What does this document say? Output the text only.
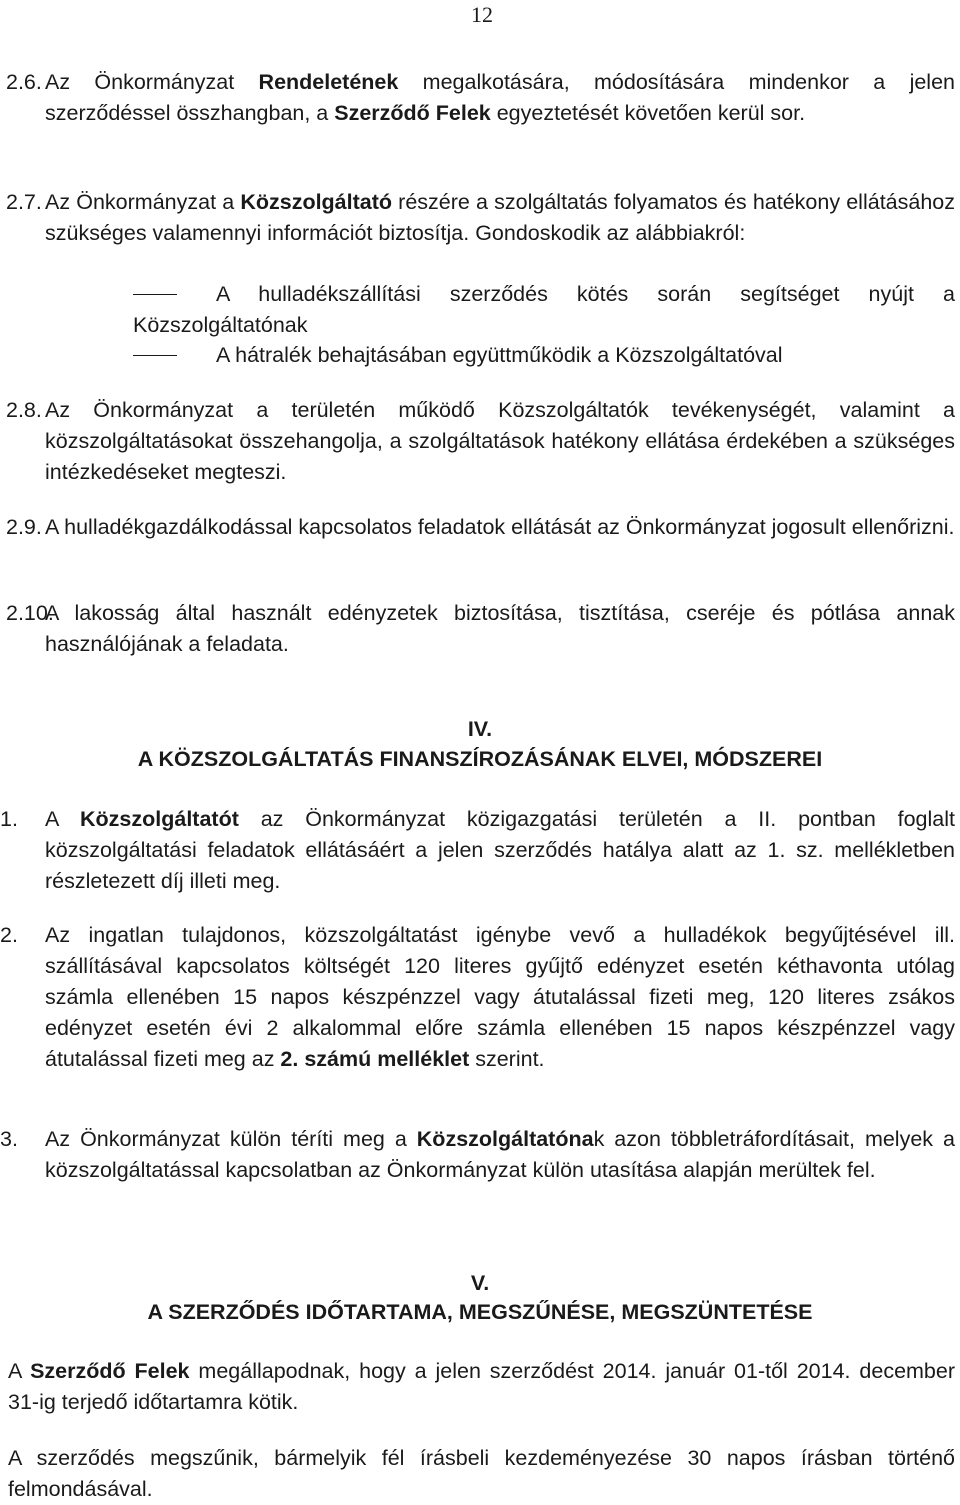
12
2.6. Az Önkormányzat Rendeletének megalkotására, módosítására mindenkor a jelen szerződéssel összhangban, a Szerződő Felek egyeztetését követően kerül sor.
2.7. Az Önkormányzat a Közszolgáltató részére a szolgáltatás folyamatos és hatékony ellátásához szükséges valamennyi információt biztosítja. Gondoskodik az alábbiakról:
A hulladékszállítási szerződés kötés során segítséget nyújt a
Közszolgáltatónak
A hátralék behajtásában együttműködik a Közszolgáltatóval
2.8. Az Önkormányzat a területén működő Közszolgáltatók tevékenységét, valamint a közszolgáltatásokat összehangolja, a szolgáltatások hatékony ellátása érdekében a szükséges intézkedéseket megteszi.
2.9. A hulladékgazdálkodással kapcsolatos feladatok ellátását az Önkormányzat jogosult ellenőrizni.
2.10.
A lakosság által használt edényzetek biztosítása, tisztítása, cseréje és pótlása annak használójának a feladata.
IV.
A KÖZSZOLGÁLTATÁS FINANSZÍROZÁSÁNAK ELVEI, MÓDSZEREI
1. A Közszolgáltatót az Önkormányzat közigazgatási területén a II. pontban foglalt közszolgáltatási feladatok ellátásáért a jelen szerződés hatálya alatt az 1. sz. mellékletben részletezett díj illeti meg.
2. Az ingatlan tulajdonos, közszolgáltatást igénybe vevő a hulladékok begyűjtésével ill. szállításával kapcsolatos költségét 120 literes gyűjtő edényzet esetén kéthavonta utólag számla ellenében 15 napos készpénzzel vagy átutalással fizeti meg, 120 literes zsákos edényzet esetén évi 2 alkalommal előre számla ellenében 15 napos készpénzzel vagy átutalással fizeti meg az 2. számú melléklet szerint.
3. Az Önkormányzat külön téríti meg a Közszolgáltatónak azon többletráfordításait, melyek a közszolgáltatással kapcsolatban az Önkormányzat külön utasítása alapján merültek fel.
V.
A SZERZŐDÉS IDŐTARTAMA, MEGSZŰNÉSE, MEGSZÜNTETÉSE
A Szerződő Felek megállapodnak, hogy a jelen szerződést 2014. január 01-től 2014. december 31-ig terjedő időtartamra kötik.
A szerződés megszűnik, bármelyik fél írásbeli kezdeményezése 30 napos írásban történő felmondásával.
